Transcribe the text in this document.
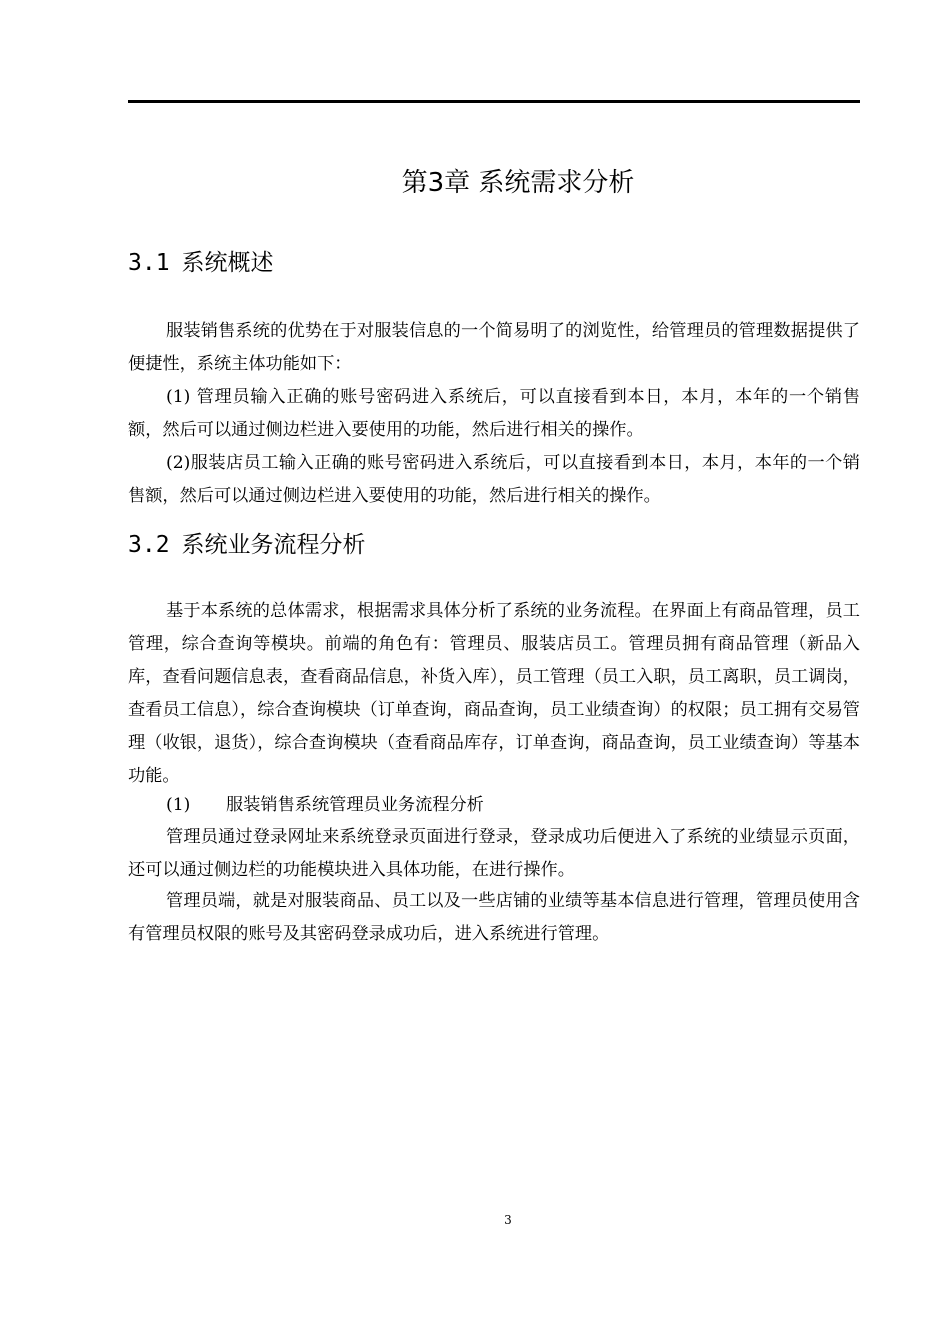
第3章 系统需求分析
3.1 系统概述

服装销售系统的优势在于对服装信息的一个简易明了的浏览性，给管理员的管理数据提供了便捷性，系统主体功能如下：

(1) 管理员输入正确的账号密码进入系统后，可以直接看到本日，本月，本年的一个销售额，然后可以通过侧边栏进入要使用的功能，然后进行相关的操作。

(2)服装店员工输入正确的账号密码进入系统后，可以直接看到本日，本月，本年的一个销售额，然后可以通过侧边栏进入要使用的功能，然后进行相关的操作。

3.2 系统业务流程分析

基于本系统的总体需求，根据需求具体分析了系统的业务流程。在界面上有商品管理，员工管理，综合查询等模块。前端的角色有：管理员、服装店员工。管理员拥有商品管理（新品入库，查看问题信息表，查看商品信息，补货入库），员工管理（员工入职，员工离职，员工调岗，查看员工信息），综合查询模块（订单查询，商品查询，员工业绩查询）的权限；员工拥有交易管理（收银，退货），综合查询模块（查看商品库存，订单查询，商品查询，员工业绩查询）等基本功能。

(1) 服装销售系统管理员业务流程分析

管理员通过登录网址来系统登录页面进行登录，登录成功后便进入了系统的业绩显示页面，还可以通过侧边栏的功能模块进入具体功能，在进行操作。

管理员端，就是对服装商品、员工以及一些店铺的业绩等基本信息进行管理，管理员使用含有管理员权限的账号及其密码登录成功后，进入系统进行管理。

3
